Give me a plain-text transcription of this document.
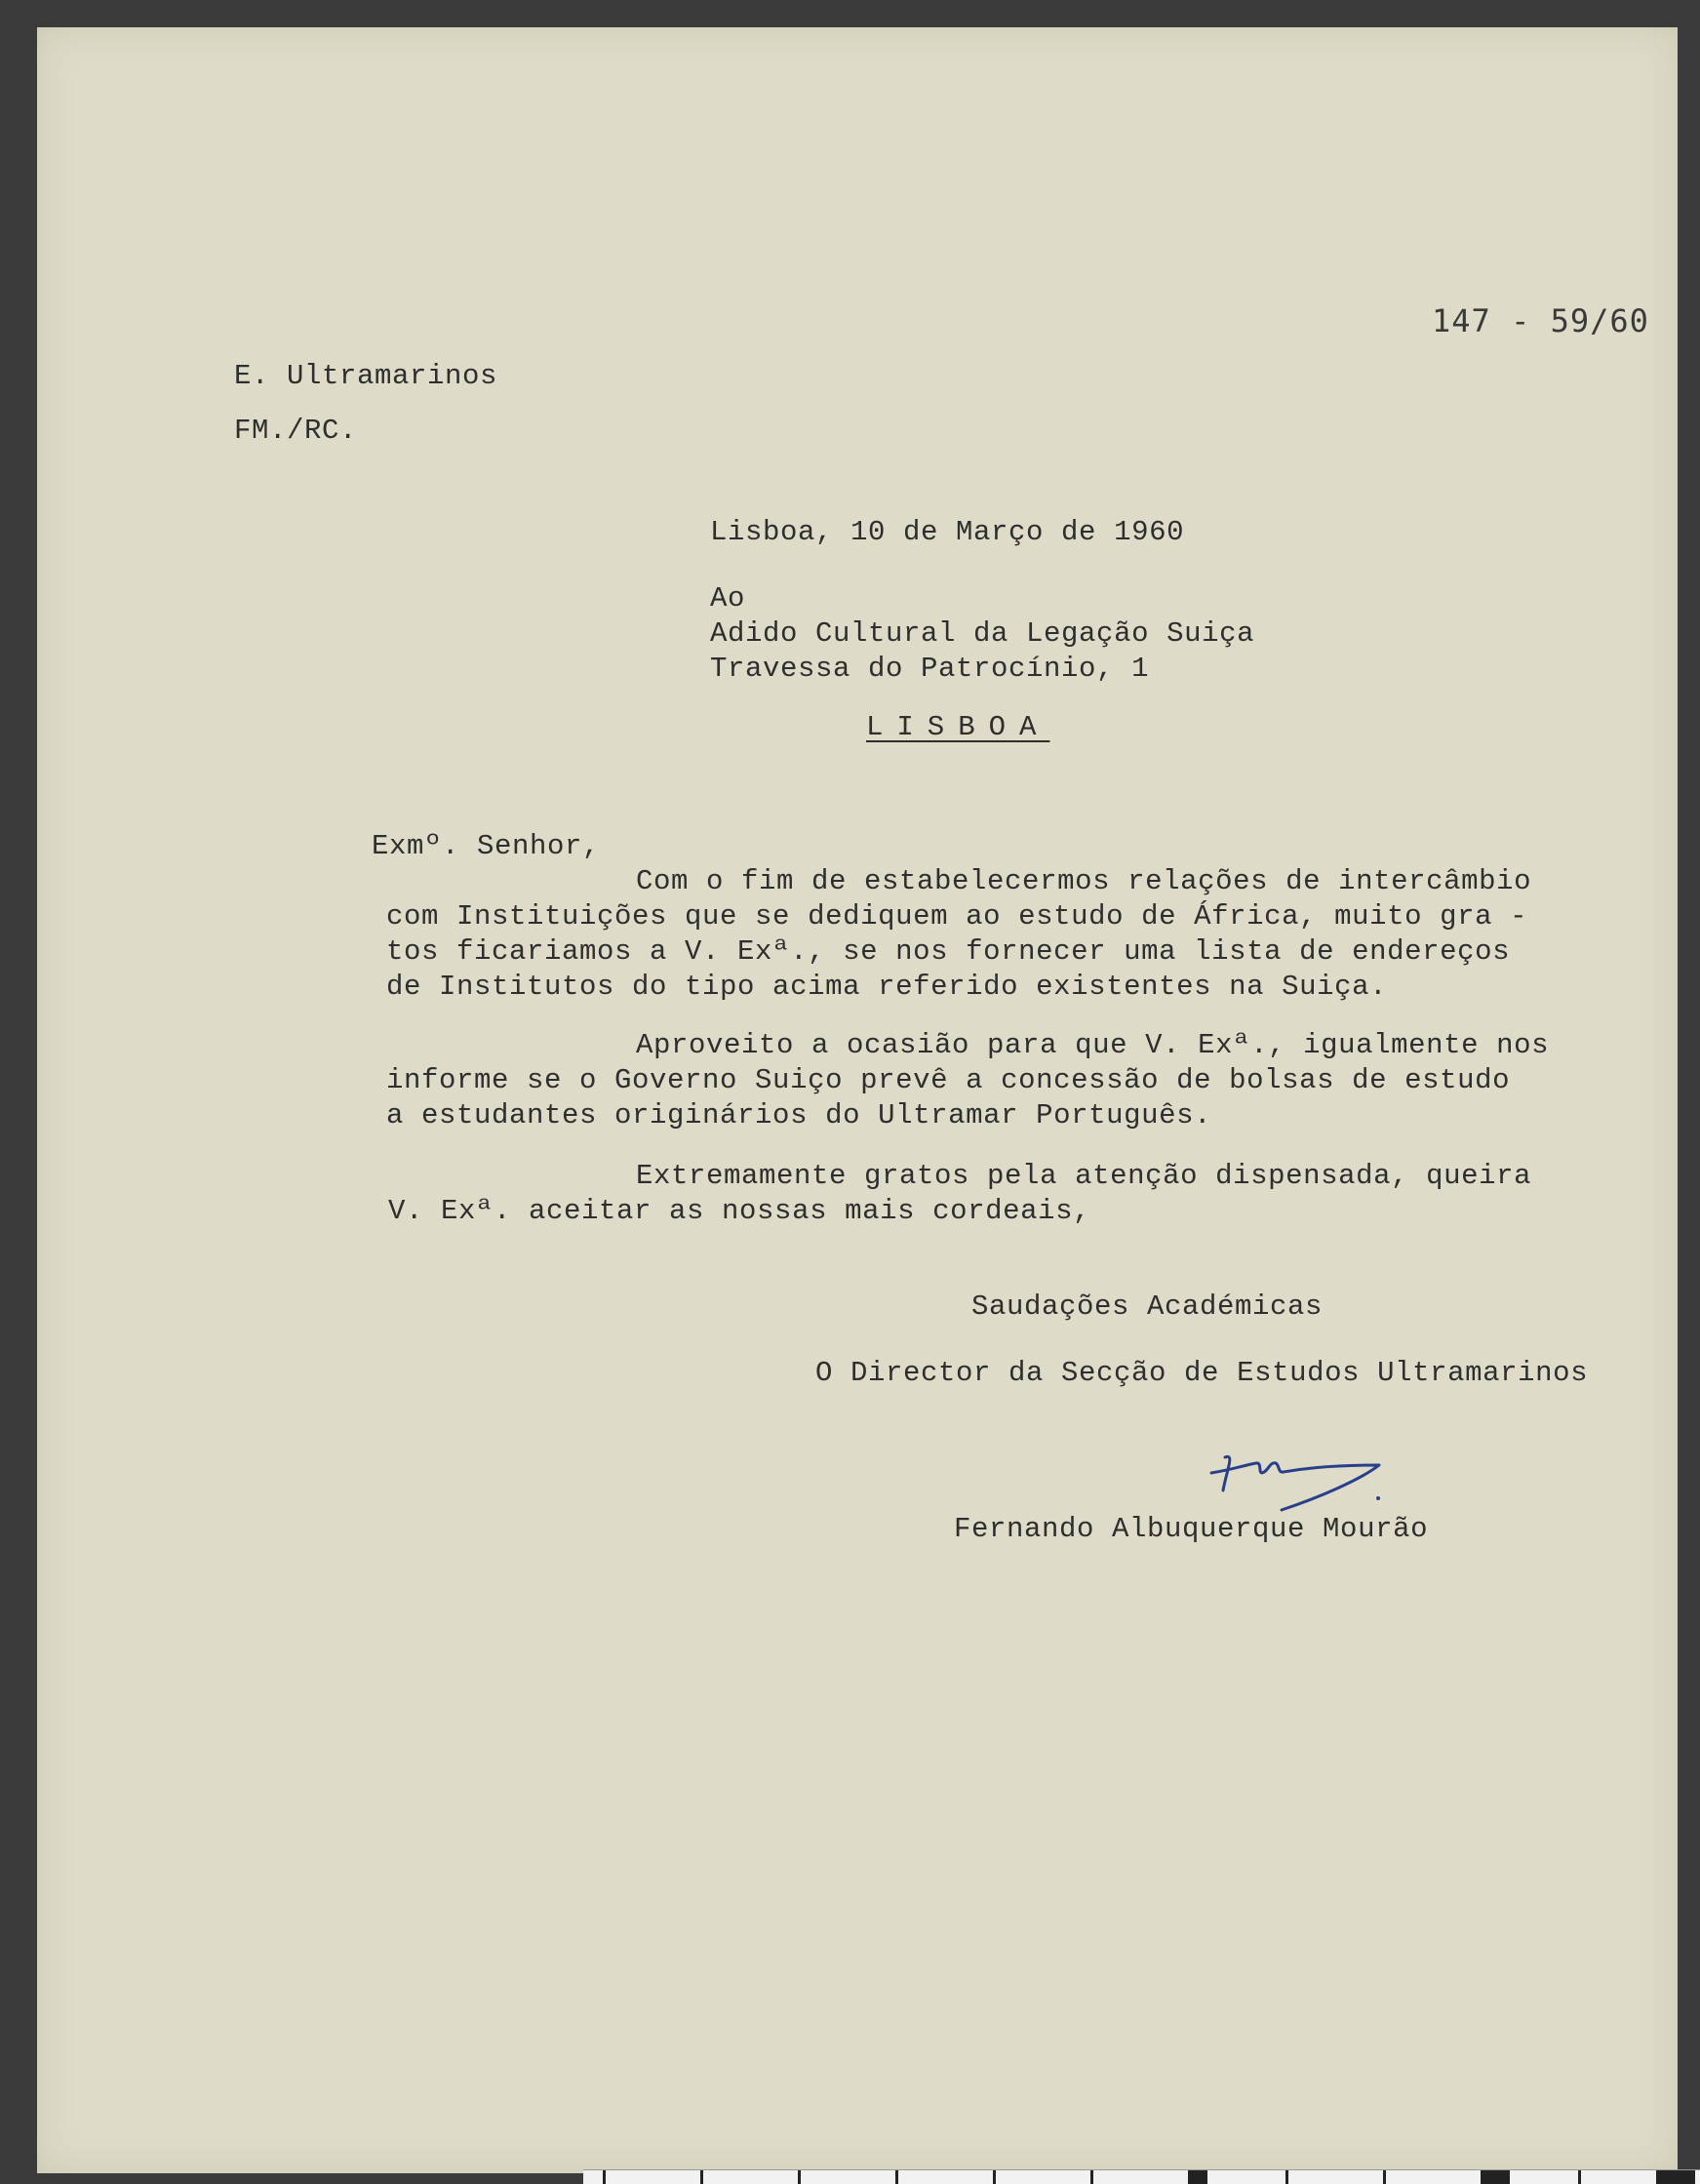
147 - 59/60
E. Ultramarinos
FM./RC.
Lisboa, 10 de Março de 1960
Ao
Adido Cultural da Legação Suiça
Travessa do Patrocínio, 1
LISBOA
Exmº. Senhor,
Com o fim de estabelecermos relações de intercâmbio
com Instituições que se dediquem ao estudo de África, muito gra -
tos ficariamos a V. Exª., se nos fornecer uma lista de endereços
de Institutos do tipo acima referido existentes na Suiça.
Aproveito a ocasião para que V. Exª., igualmente nos
informe se o Governo Suiço prevê a concessão de bolsas de estudo
a estudantes originários do Ultramar Português.
Extremamente gratos pela atenção dispensada, queira
V. Exª. aceitar as nossas mais cordeais,
Saudações Académicas
O Director da Secção de Estudos Ultramarinos
Fernando Albuquerque Mourão
